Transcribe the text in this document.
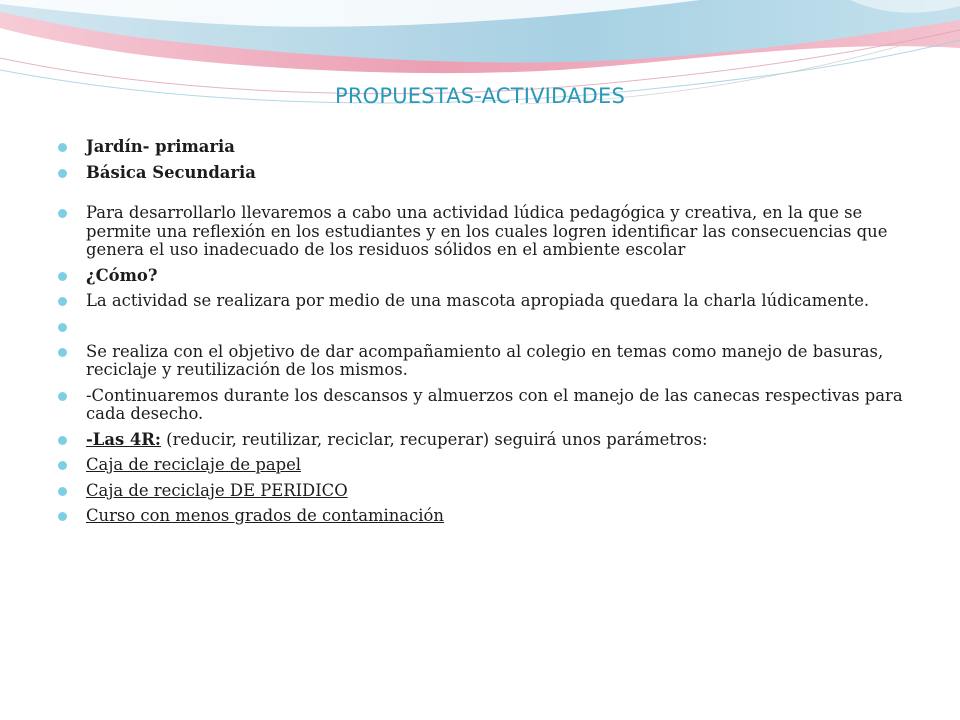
PROPUESTAS-ACTIVIDADES
Jardín- primaria
Básica Secundaria
Para desarrollarlo llevaremos a cabo una actividad lúdica pedagógica y creativa, en la que se permite una reflexión en los estudiantes y en los cuales logren identificar las consecuencias que genera el uso inadecuado de los residuos sólidos en el ambiente escolar
¿Cómo?
La actividad se realizara por medio de una mascota apropiada quedara la charla lúdicamente.
Se realiza con el objetivo de dar acompañamiento al colegio en temas como manejo de basuras, reciclaje y reutilización de los mismos.
-Continuaremos durante los descansos y almuerzos con el manejo de las canecas respectivas para cada desecho.
-Las 4R: (reducir, reutilizar, reciclar, recuperar) seguirá unos parámetros:
Caja de reciclaje de papel
Caja de reciclaje DE PERIDICO
Curso con menos grados de contaminación
